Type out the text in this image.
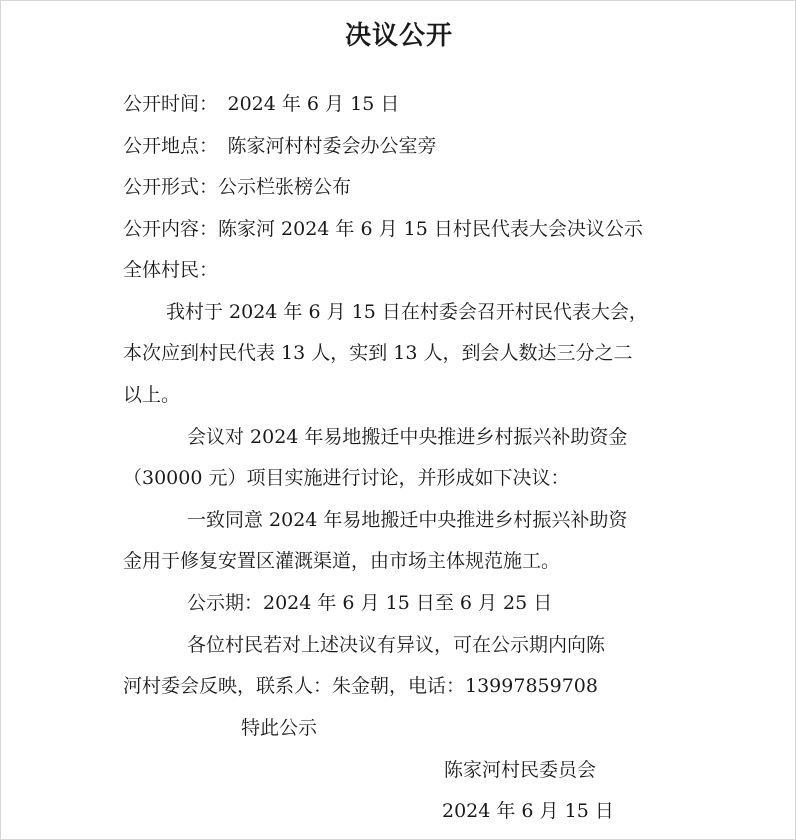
决议公开
公开时间：　2024 年 6 月 15 日
公开地点：　陈家河村村委会办公室旁
公开形式：公示栏张榜公布
公开内容：陈家河 2024 年 6 月 15 日村民代表大会决议公示
全体村民：
我村于 2024 年 6 月 15 日在村委会召开村民代表大会，
本次应到村民代表 13 人，实到 13 人，到会人数达三分之二
以上。
会议对 2024 年易地搬迁中央推进乡村振兴补助资金
（30000 元）项目实施进行讨论，并形成如下决议：
一致同意 2024 年易地搬迁中央推进乡村振兴补助资
金用于修复安置区灌溉渠道，由市场主体规范施工。
公示期：2024 年 6 月 15 日至 6 月 25 日
各位村民若对上述决议有异议，可在公示期内向陈
河村委会反映，联系人：朱金朝，电话：13997859708
特此公示
陈家河村民委员会
2024 年 6 月 15 日
